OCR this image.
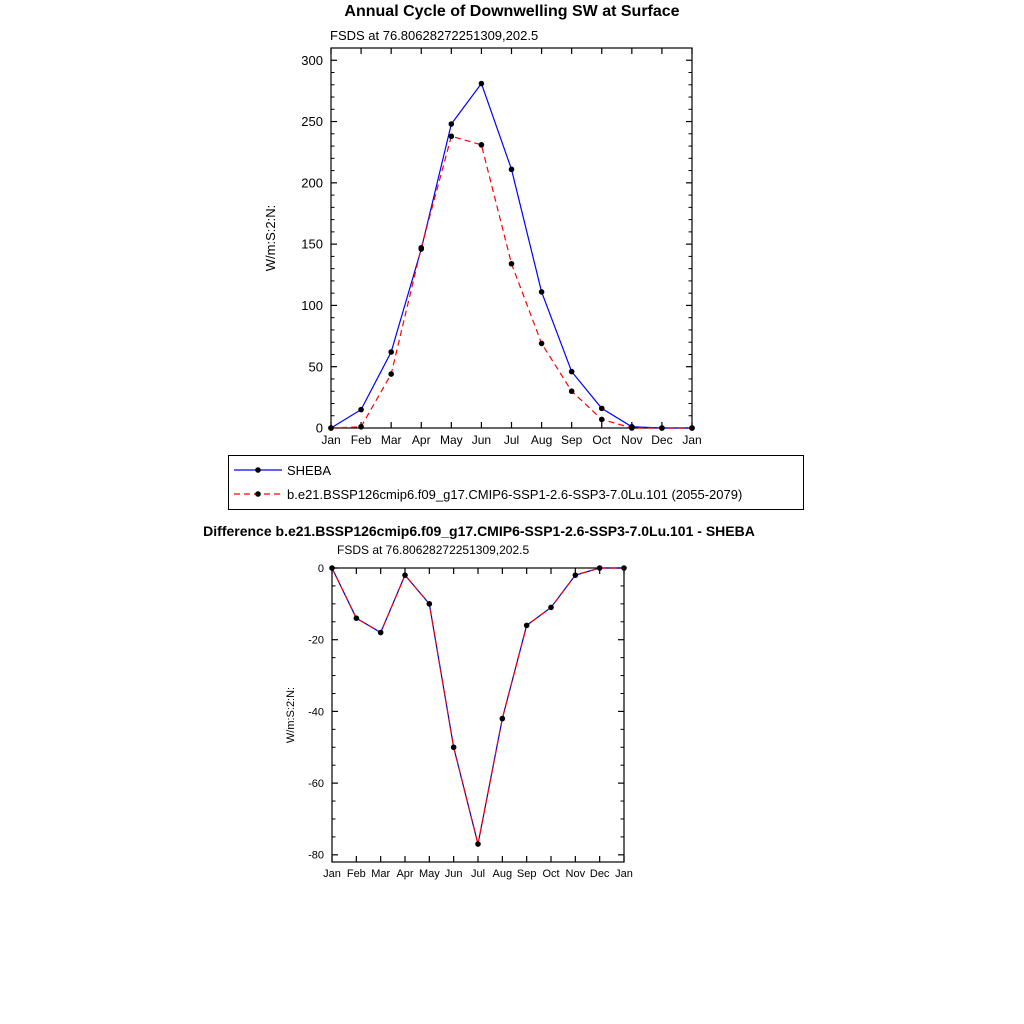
Annual Cycle of Downwelling SW at Surface
FSDS at 76.80628272251309,202.5
0
50
100
150
200
250
300
Jan Feb Mar Apr May Jun Jul Aug Sep Oct Nov Dec Jan
W/m:S:2:N:
SHEBA
b.e21.BSSP126cmip6.f09_g17.CMIP6-SSP1-2.6-SSP3-7.0Lu.101 (2055-2079)
Difference b.e21.BSSP126cmip6.f09_g17.CMIP6-SSP1-2.6-SSP3-7.0Lu.101 - SHEBA
FSDS at 76.80628272251309,202.5
-80
-60
-40
-20
0
Jan Feb Mar Apr May Jun Jul Aug Sep Oct Nov Dec Jan
W/m:S:2:N:
